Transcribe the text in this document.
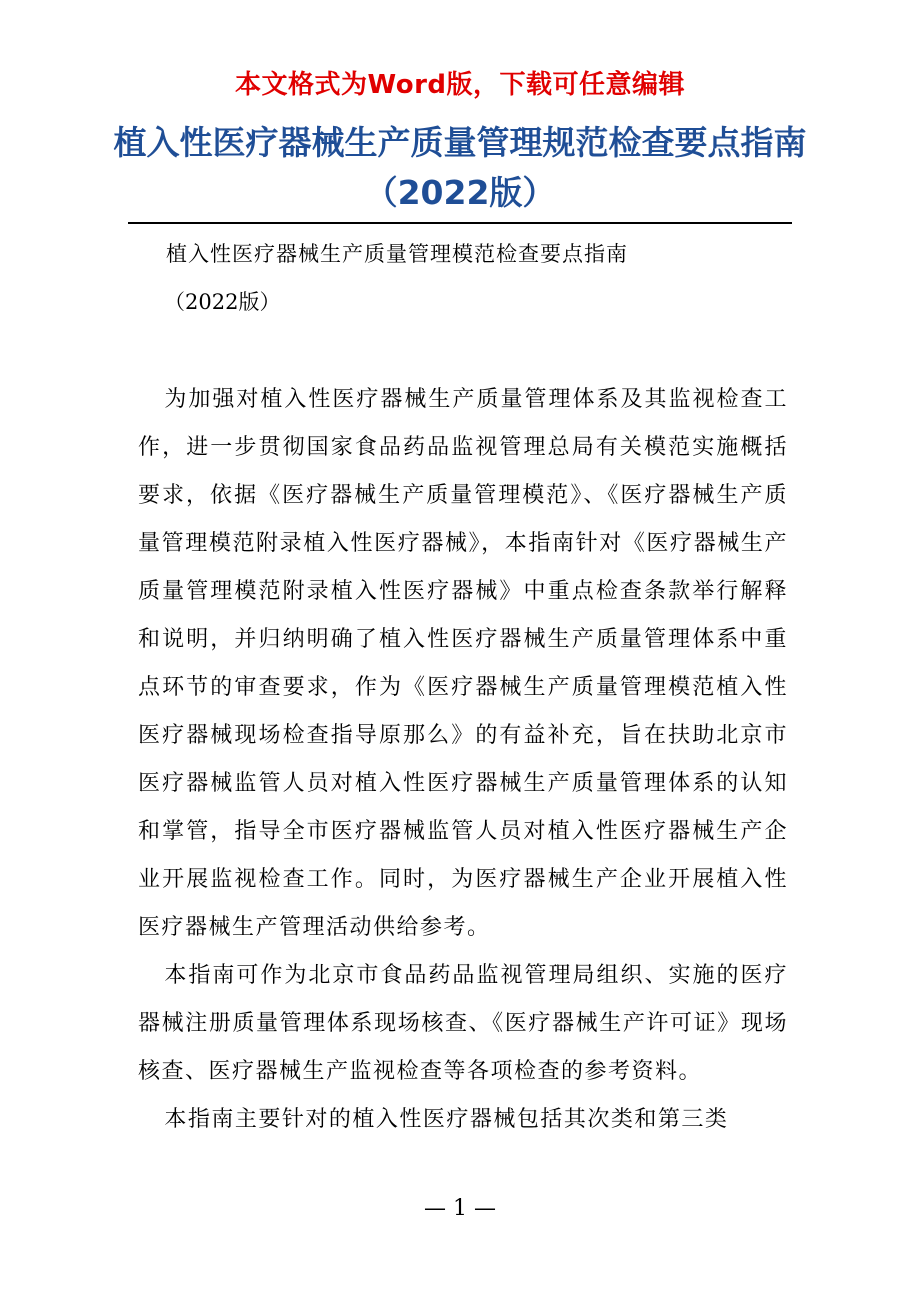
本文格式为Word版，下载可任意编辑
植入性医疗器械生产质量管理规范检查要点指南（2022版）
植入性医疗器械生产质量管理模范检查要点指南
（2022版）

为加强对植入性医疗器械生产质量管理体系及其监视检查工作，进一步贯彻国家食品药品监视管理总局有关模范实施概括要求，依据《医疗器械生产质量管理模范》、《医疗器械生产质量管理模范附录植入性医疗器械》，本指南针对《医疗器械生产质量管理模范附录植入性医疗器械》中重点检查条款举行解释和说明，并归纳明确了植入性医疗器械生产质量管理体系中重点环节的审查要求，作为《医疗器械生产质量管理模范植入性医疗器械现场检查指导原那么》的有益补充，旨在扶助北京市医疗器械监管人员对植入性医疗器械生产质量管理体系的认知和掌管，指导全市医疗器械监管人员对植入性医疗器械生产企业开展监视检查工作。同时，为医疗器械生产企业开展植入性医疗器械生产管理活动供给参考。

本指南可作为北京市食品药品监视管理局组织、实施的医疗器械注册质量管理体系现场核查、《医疗器械生产许可证》现场核查、医疗器械生产监视检查等各项检查的参考资料。

本指南主要针对的植入性医疗器械包括其次类和第三类

— 1 —
